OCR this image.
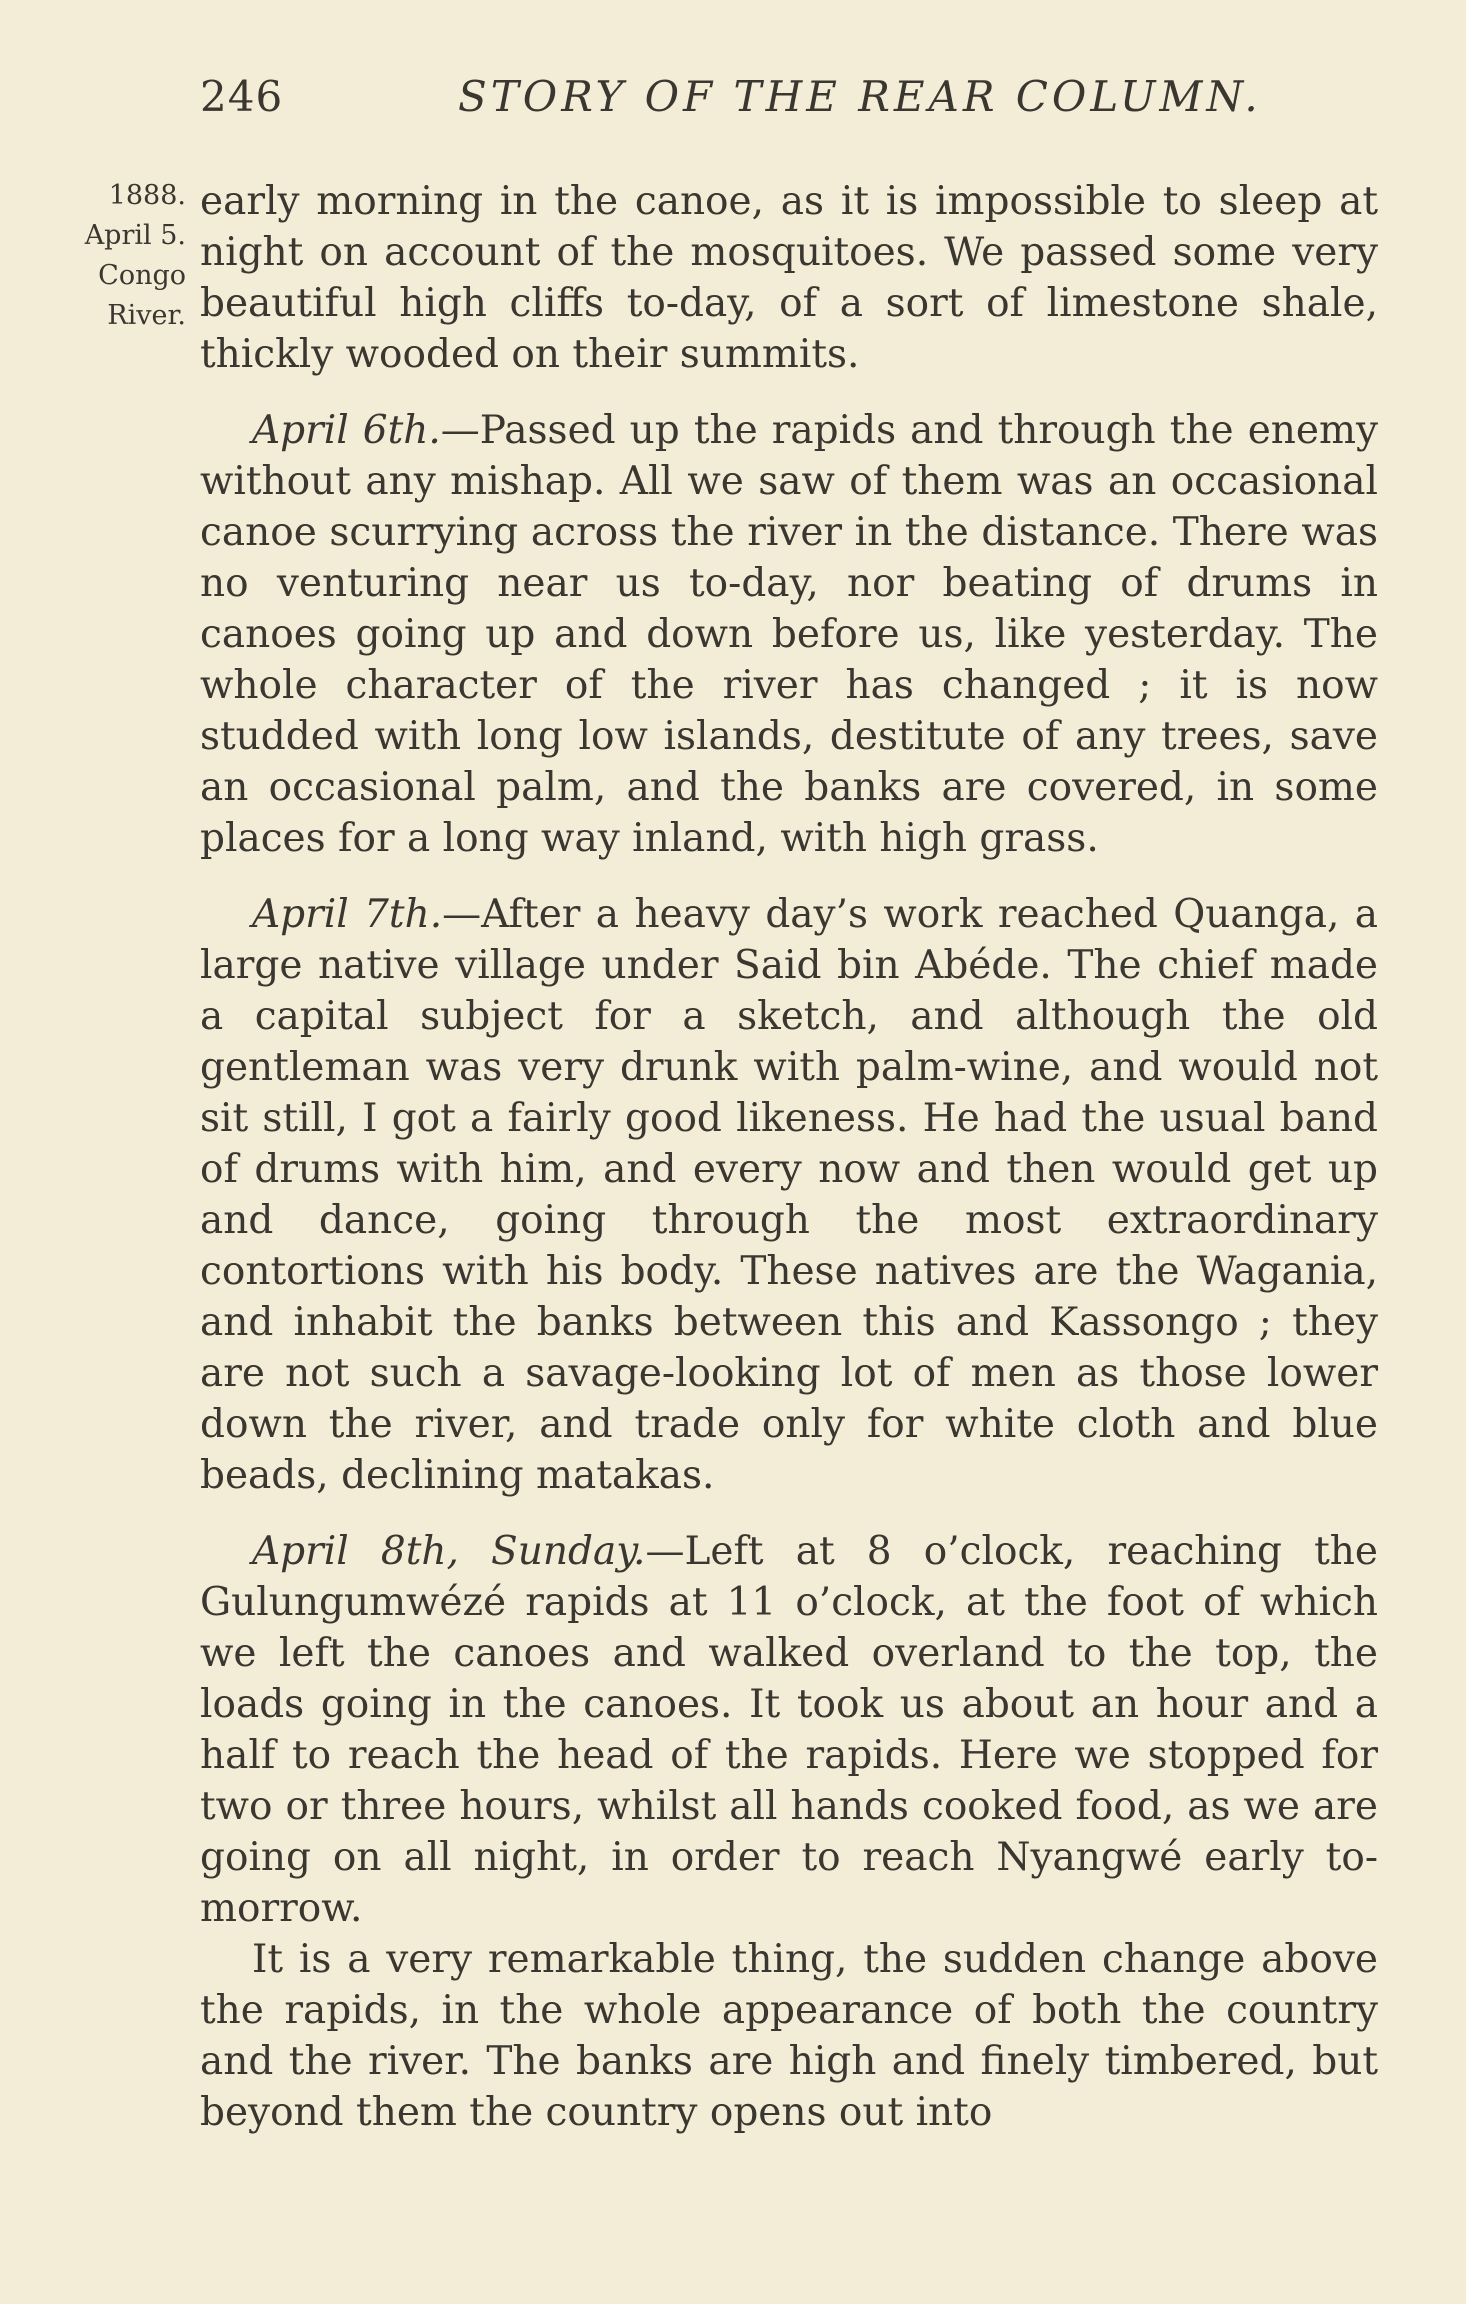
246	STORY OF THE REAR COLUMN.
1888.
April 5.
Congo
River.

early morning in the canoe, as it is impossible to sleep at night on account of the mosquitoes. We passed some very beautiful high cliffs to-day, of a sort of limestone shale, thickly wooded on their summits.

April 6th.—Passed up the rapids and through the enemy without any mishap. All we saw of them was an occasional canoe scurrying across the river in the distance. There was no venturing near us to-day, nor beating of drums in canoes going up and down before us, like yesterday. The whole character of the river has changed ; it is now studded with long low islands, destitute of any trees, save an occasional palm, and the banks are covered, in some places for a long way inland, with high grass.

April 7th.—After a heavy day’s work reached Quanga, a large native village under Said bin Abéde. The chief made a capital subject for a sketch, and although the old gentleman was very drunk with palm-wine, and would not sit still, I got a fairly good likeness. He had the usual band of drums with him, and every now and then would get up and dance, going through the most extraordinary contortions with his body. These natives are the Wagania, and inhabit the banks between this and Kassongo ; they are not such a savage-looking lot of men as those lower down the river, and trade only for white cloth and blue beads, declining matakas.

April 8th, Sunday.—Left at 8 o’clock, reaching the Gulungumwézé rapids at 11 o’clock, at the foot of which we left the canoes and walked overland to the top, the loads going in the canoes. It took us about an hour and a half to reach the head of the rapids. Here we stopped for two or three hours, whilst all hands cooked food, as we are going on all night, in order to reach Nyangwé early to-morrow.

It is a very remarkable thing, the sudden change above the rapids, in the whole appearance of both the country and the river. The banks are high and finely timbered, but beyond them the country opens out into
